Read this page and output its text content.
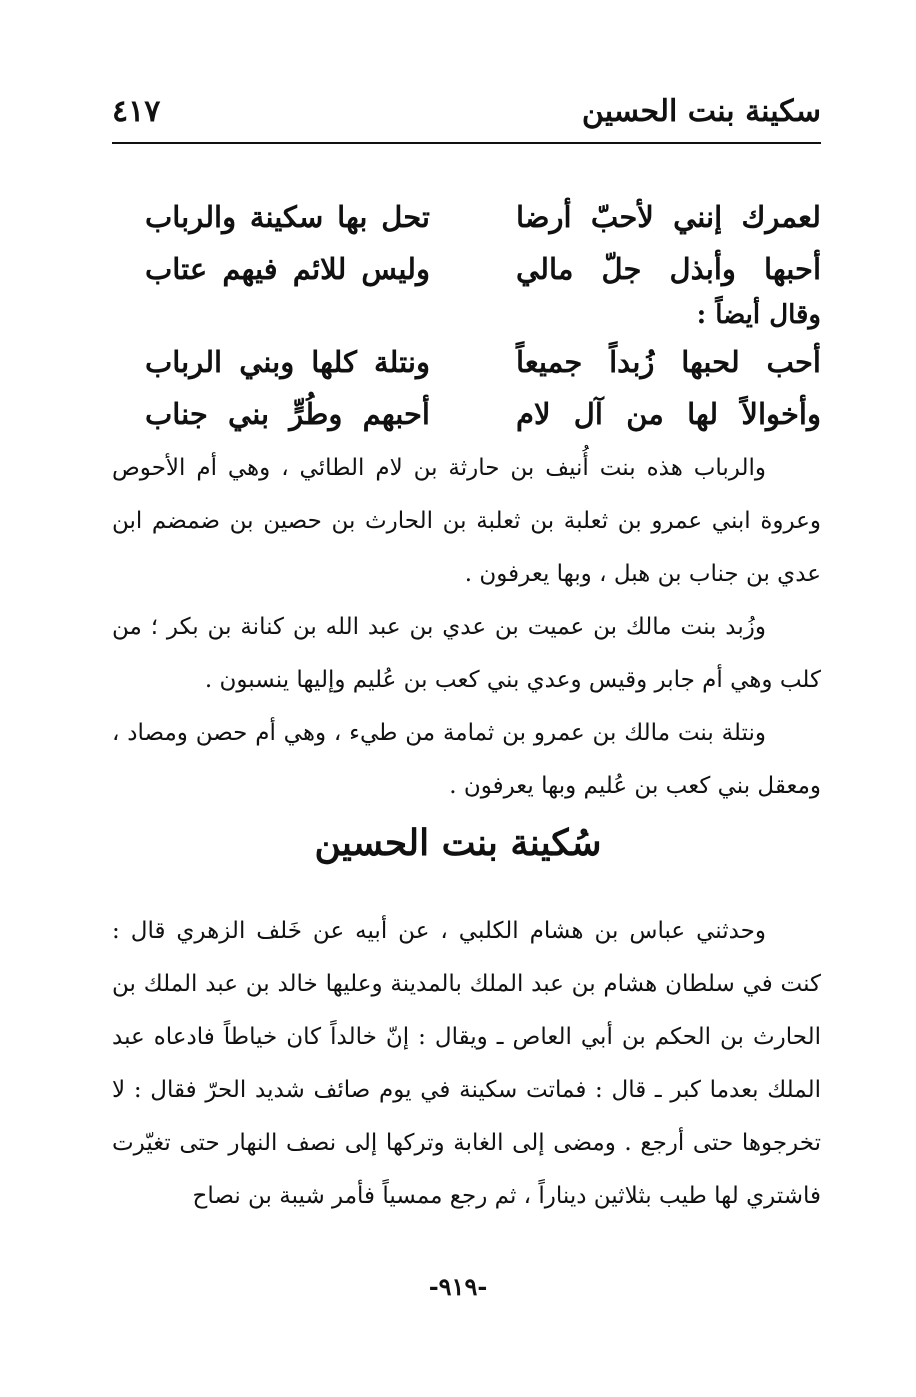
سكينة بنت الحسين
٤١٧
لعمرك إنني لأحبّ أرضا
تحل بها سكينة والرباب
أحبها وأبذل جلّ مالي
وليس للائم فيهم عتاب
وقال أيضاً :
أحب لحبها زُبداً جميعاً
ونتلة كلها وبني الرباب
وأخوالاً لها من آل لام
أحبهم وطُرٍّ بني جناب

والرباب هذه بنت أُنيف بن حارثة بن لام الطائي ، وهي أم الأحوص وعروة ابني عمرو بن ثعلبة بن ثعلبة بن الحارث بن حصين بن ضمضم ابن عدي بن جناب بن هبل ، وبها يعرفون .

وزُبد بنت مالك بن عميت بن عدي بن عبد الله بن كنانة بن بكر ؛ من كلب وهي أم جابر وقيس وعدي بني كعب بن عُليم وإليها ينسبون .

ونتلة بنت مالك بن عمرو بن ثمامة من طيء ، وهي أم حصن ومصاد ، ومعقل بني كعب بن عُليم وبها يعرفون .

سُكينة بنت الحسين

وحدثني عباس بن هشام الكلبي ، عن أبيه عن خَلف الزهري قال : كنت في سلطان هشام بن عبد الملك بالمدينة وعليها خالد بن عبد الملك بن الحارث بن الحكم بن أبي العاص ـ ويقال : إنّ خالداً كان خياطاً فادعاه عبد الملك بعدما كبر ـ قال : فماتت سكينة في يوم صائف شديد الحرّ فقال : لا تخرجوها حتى أرجع . ومضى إلى الغابة وتركها إلى نصف النهار حتى تغيّرت فاشتري لها طيب بثلاثين ديناراً ، ثم رجع ممسياً فأمر شيبة بن نصاح

-٩١٩-
